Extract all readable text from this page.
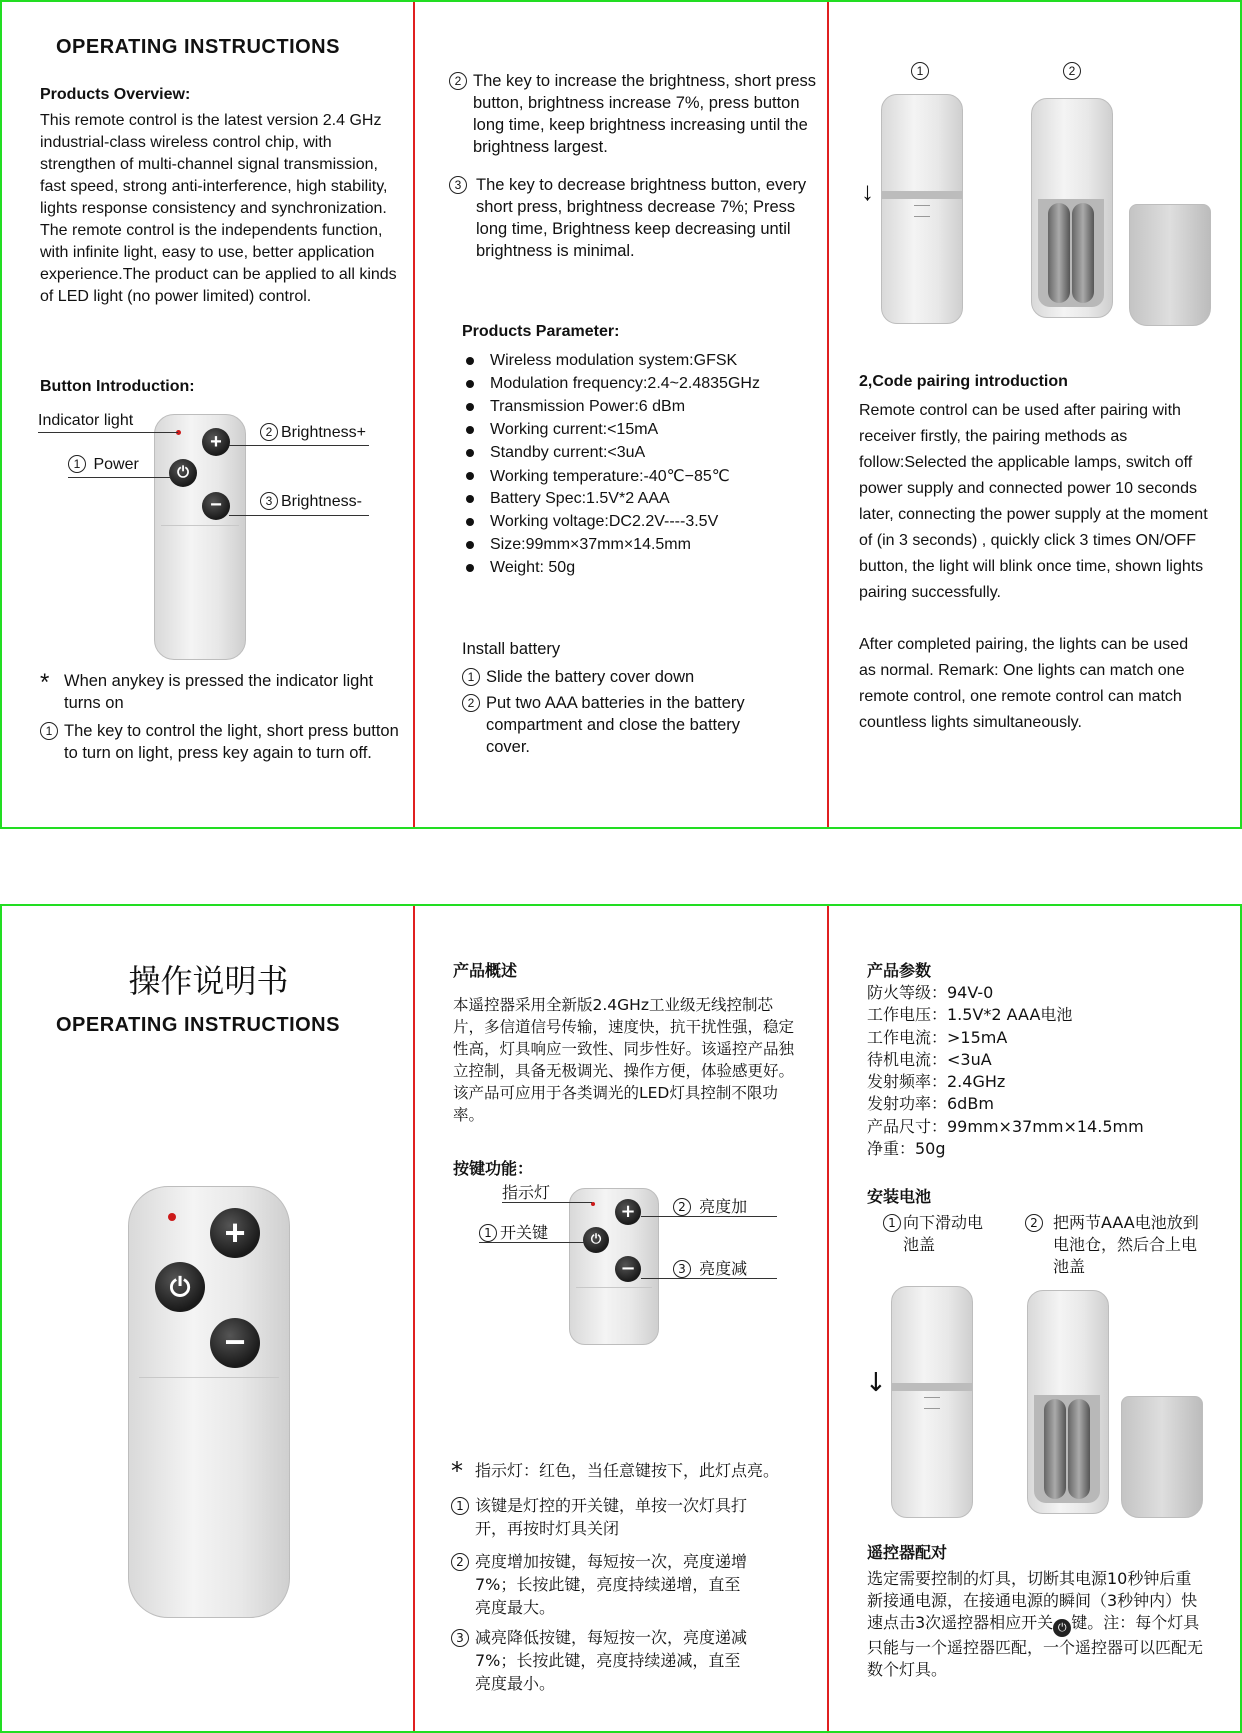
OPERATING INSTRUCTIONS
Products Overview:
This remote control is the latest version 2.4 GHz industrial-class wireless control chip, with strengthen of multi-channel signal transmission, fast speed, strong anti-interference, high stability, lights response consistency and synchronization. The remote control is the independents function, with infinite light, easy to use, better application experience.The product can be applied to all kinds of LED light (no power limited) control.
Button Introduction:
+
⏻
−
Indicator light
1 Power
2 Brightness+
3 Brightness-
* When anykey is pressed the indicator light turns on
1 The key to control the light, short press button to turn on light, press key again to turn off.
2 The key to increase the brightness, short press button, brightness increase 7%, press button long time, keep brightness increasing until the brightness largest.
3 The key to decrease brightness button, every short press, brightness decrease 7%; Press long time, Brightness keep decreasing until brightness is minimal.
Products Parameter:
Wireless modulation system:GFSK
Modulation frequency:2.4~2.4835GHz
Transmission Power:6 dBm
Working current:<15mA
Standby current:<3uA
Working temperature:-40℃−85℃
Battery Spec:1.5V*2 AAA
Working voltage:DC2.2V----3.5V
Size:99mm×37mm×14.5mm
Weight: 50g
Install battery
1 Slide the battery cover down
2 Put two AAA batteries in the battery compartment and close the battery cover.
1	2
↓
2,Code pairing introduction
Remote control can be used after pairing with receiver firstly, the pairing methods as follow:Selected the applicable lamps, switch off power supply and connected power 10 seconds later, connecting the power supply at the moment of (in 3 seconds) , quickly click 3 times ON/OFF button, the light will blink once time, shown lights pairing successfully.
After completed pairing, the lights can be used as normal. Remark: One lights can match one remote control, one remote control can match countless lights simultaneously.
操作说明书
OPERATING INSTRUCTIONS
+
⏻
−
产品概述
本遥控器采用全新版2.4GHz工业级无线控制芯片，多信道信号传输，速度快，抗干扰性强，稳定性高，灯具响应一致性、同步性好。该遥控产品独立控制，具备无极调光、操作方便，体验感更好。该产品可应用于各类调光的LED灯具控制不限功率。
按键功能：
+
⏻
−
指示灯
1 开关键
2 亮度加
3 亮度减
* 指示灯：红色，当任意键按下，此灯点亮。
1 该键是灯控的开关键，单按一次灯具打开，再按时灯具关闭
2 亮度增加按键，每短按一次，亮度递增7%；长按此键，亮度持续递增，直至亮度最大。
3 减亮降低按键，每短按一次，亮度递减7%；长按此键，亮度持续递减，直至亮度最小。
产品参数
防火等级：94V-0
工作电压：1.5V*2 AAA电池
工作电流：>15mA
待机电流：<3uA
发射频率：2.4GHz
发射功率：6dBm
产品尺寸：99mm×37mm×14.5mm
净重：50g
安装电池
1 向下滑动电池盖
2 把两节AAA电池放到电池仓，然后合上电池盖
↓
遥控器配对
选定需要控制的灯具，切断其电源10秒钟后重新接通电源，在接通电源的瞬间（3秒钟内）快速点击3次遥控器相应开关 ⏻ 键。注：每个灯具只能与一个遥控器匹配，一个遥控器可以匹配无数个灯具。
